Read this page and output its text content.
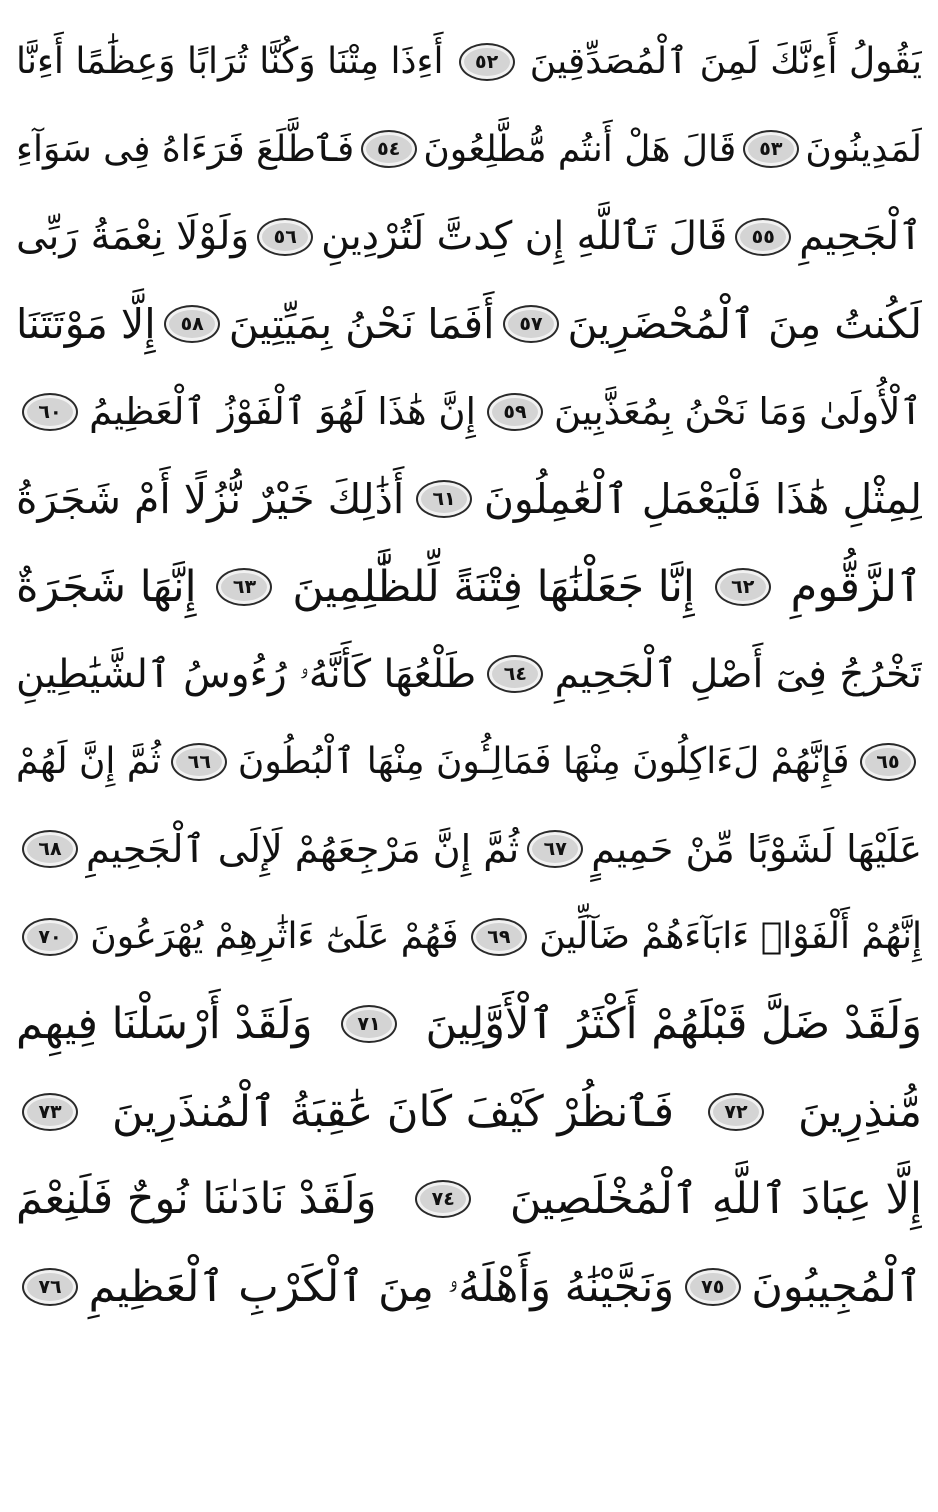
يَقُولُ أَءِنَّكَ لَمِنَ ٱلْمُصَدِّقِينَ
٥٢
أَءِذَا مِتْنَا وَكُنَّا تُرَابًا وَعِظَٰمًا أَءِنَّا
لَمَدِينُونَ
٥٣
قَالَ هَلْ أَنتُم مُّطَّلِعُونَ
٥٤
فَٱطَّلَعَ فَرَءَاهُ فِى سَوَآءِ
ٱلْجَحِيمِ
٥٥
قَالَ تَٱللَّهِ إِن كِدتَّ لَتُرْدِينِ
٥٦
وَلَوْلَا نِعْمَةُ رَبِّى
لَكُنتُ مِنَ ٱلْمُحْضَرِينَ
٥٧
أَفَمَا نَحْنُ بِمَيِّتِينَ
٥٨
إِلَّا مَوْتَتَنَا
ٱلْأُولَىٰ وَمَا نَحْنُ بِمُعَذَّبِينَ
٥٩
إِنَّ هَٰذَا لَهُوَ ٱلْفَوْزُ ٱلْعَظِيمُ
٦٠
لِمِثْلِ هَٰذَا فَلْيَعْمَلِ ٱلْعَٰمِلُونَ
٦١
أَذَٰلِكَ خَيْرٌ نُّزُلًا أَمْ شَجَرَةُ
ٱلزَّقُّومِ
٦٢
إِنَّا جَعَلْنَٰهَا فِتْنَةً لِّلظَّٰلِمِينَ
٦٣
إِنَّهَا شَجَرَةٌ
تَخْرُجُ فِىٓ أَصْلِ ٱلْجَحِيمِ
٦٤
طَلْعُهَا كَأَنَّهُۥ رُءُوسُ ٱلشَّيَٰطِينِ
٦٥
فَإِنَّهُمْ لَءَاكِلُونَ مِنْهَا فَمَالِـُٔونَ مِنْهَا ٱلْبُطُونَ
٦٦
ثُمَّ إِنَّ لَهُمْ
عَلَيْهَا لَشَوْبًا مِّنْ حَمِيمٍ
٦٧
ثُمَّ إِنَّ مَرْجِعَهُمْ لَإِلَى ٱلْجَحِيمِ
٦٨
إِنَّهُمْ أَلْفَوْا۟ ءَابَآءَهُمْ ضَآلِّينَ
٦٩
فَهُمْ عَلَىٰٓ ءَاثَٰرِهِمْ يُهْرَعُونَ
٧٠
وَلَقَدْ ضَلَّ قَبْلَهُمْ أَكْثَرُ ٱلْأَوَّلِينَ
٧١
وَلَقَدْ أَرْسَلْنَا فِيهِم
مُّنذِرِينَ
٧٢
فَٱنظُرْ كَيْفَ كَانَ عَٰقِبَةُ ٱلْمُنذَرِينَ
٧٣
إِلَّا عِبَادَ ٱللَّهِ ٱلْمُخْلَصِينَ
٧٤
وَلَقَدْ نَادَىٰنَا نُوحٌ فَلَنِعْمَ
ٱلْمُجِيبُونَ
٧٥
وَنَجَّيْنَٰهُ وَأَهْلَهُۥ مِنَ ٱلْكَرْبِ ٱلْعَظِيمِ
٧٦
